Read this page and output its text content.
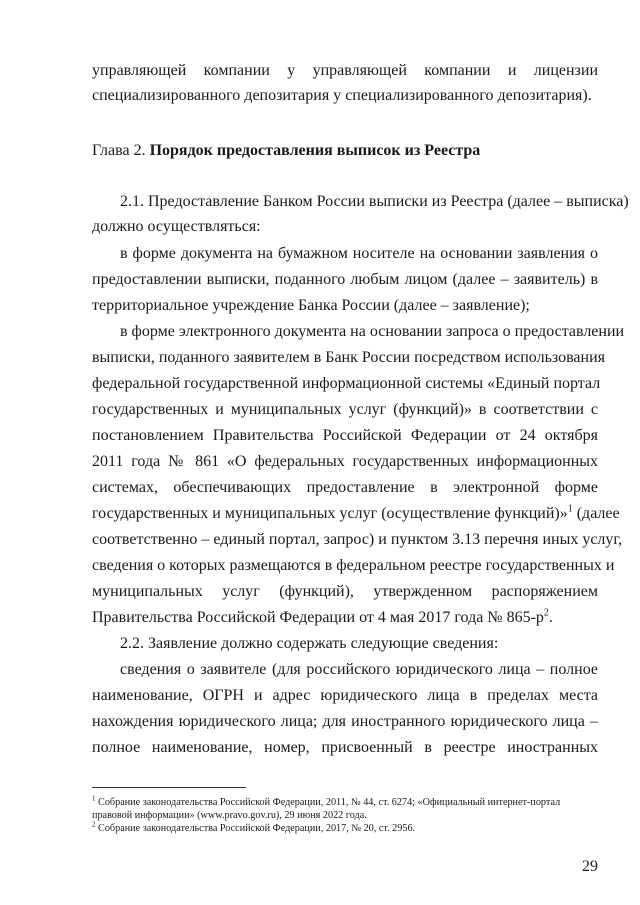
управляющей компании у управляющей компании и лицензии
специализированного депозитария у специализированного депозитария).
Глава 2. Порядок предоставления выписок из Реестра
2.1. Предоставление Банком России выписки из Реестра (далее – выписка)
должно осуществляться:
в форме документа на бумажном носителе на основании заявления о
предоставлении выписки, поданного любым лицом (далее – заявитель) в
территориальное учреждение Банка России (далее – заявление);
в форме электронного документа на основании запроса о предоставлении
выписки, поданного заявителем в Банк России посредством использования
федеральной государственной информационной системы «Единый портал
государственных и муниципальных услуг (функций)» в соответствии с
постановлением Правительства Российской Федерации от 24 октября
2011 года № 861 «О федеральных государственных информационных
системах, обеспечивающих предоставление в электронной форме
государственных и муниципальных услуг (осуществление функций)»$^1$ (далее
соответственно – единый портал, запрос) и пунктом 3.13 перечня иных услуг,
сведения о которых размещаются в федеральном реестре государственных и
муниципальных услуг (функций), утвержденном распоряжением
Правительства Российской Федерации от 4 мая 2017 года № $865-р^2$.
2.2. Заявление должно содержать следующие сведения:
сведения о заявителе (для российского юридического лица – полное
наименование, ОГРН и адрес юридического лица в пределах места
нахождения юридического лица; для иностранного юридического лица –
полное наименование, номер, присвоенный в реестре иностранных
$^1$ Собрание законодательства Российской Федерации, 2011, № 44, ст. 6274; «Официальный интернет-портал
правовой информации» (www.pravo.gov.ru), 29 июня 2022 года.
$^2$ Собрание законодательства Российской Федерации, 2017, № 20, ст. 2956.
29
